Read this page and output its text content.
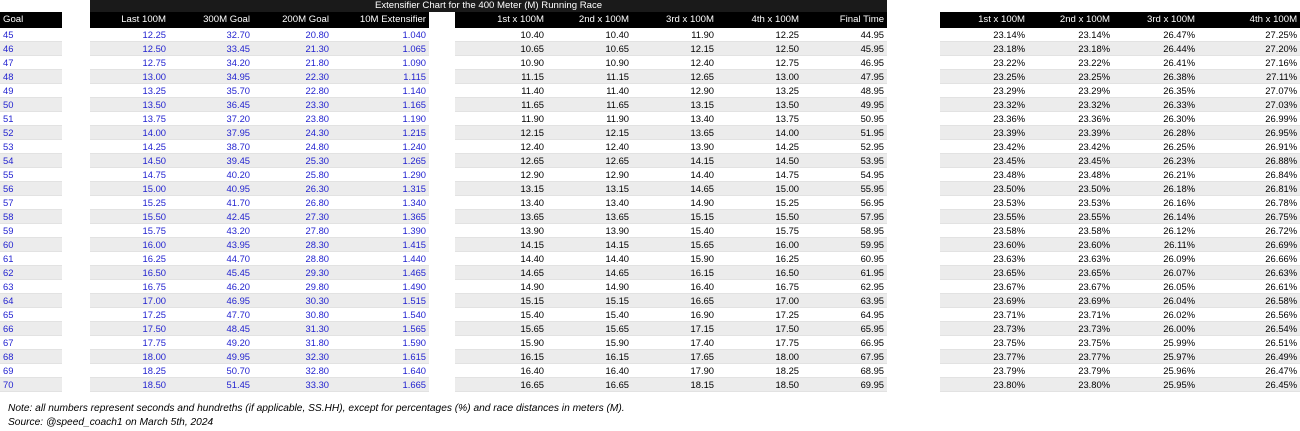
		Extensifier Chart for the 400 Meter (M) Running Race														
Goal		Last 100M	300M Goal	200M Goal	10M Extensifier		1st x 100M	2nd x 100M	3rd x 100M	4th x 100M	Final Time		1st x 100M	2nd x 100M	3rd x 100M	4th x 100M
45		12.25	32.70	20.80	1.040		10.40	10.40	11.90	12.25	44.95		23.14%	23.14%	26.47%	27.25%
46		12.50	33.45	21.30	1.065		10.65	10.65	12.15	12.50	45.95		23.18%	23.18%	26.44%	27.20%
47		12.75	34.20	21.80	1.090		10.90	10.90	12.40	12.75	46.95		23.22%	23.22%	26.41%	27.16%
48		13.00	34.95	22.30	1.115		11.15	11.15	12.65	13.00	47.95		23.25%	23.25%	26.38%	27.11%
49		13.25	35.70	22.80	1.140		11.40	11.40	12.90	13.25	48.95		23.29%	23.29%	26.35%	27.07%
50		13.50	36.45	23.30	1.165		11.65	11.65	13.15	13.50	49.95		23.32%	23.32%	26.33%	27.03%
51		13.75	37.20	23.80	1.190		11.90	11.90	13.40	13.75	50.95		23.36%	23.36%	26.30%	26.99%
52		14.00	37.95	24.30	1.215		12.15	12.15	13.65	14.00	51.95		23.39%	23.39%	26.28%	26.95%
53		14.25	38.70	24.80	1.240		12.40	12.40	13.90	14.25	52.95		23.42%	23.42%	26.25%	26.91%
54		14.50	39.45	25.30	1.265		12.65	12.65	14.15	14.50	53.95		23.45%	23.45%	26.23%	26.88%
55		14.75	40.20	25.80	1.290		12.90	12.90	14.40	14.75	54.95		23.48%	23.48%	26.21%	26.84%
56		15.00	40.95	26.30	1.315		13.15	13.15	14.65	15.00	55.95		23.50%	23.50%	26.18%	26.81%
57		15.25	41.70	26.80	1.340		13.40	13.40	14.90	15.25	56.95		23.53%	23.53%	26.16%	26.78%
58		15.50	42.45	27.30	1.365		13.65	13.65	15.15	15.50	57.95		23.55%	23.55%	26.14%	26.75%
59		15.75	43.20	27.80	1.390		13.90	13.90	15.40	15.75	58.95		23.58%	23.58%	26.12%	26.72%
60		16.00	43.95	28.30	1.415		14.15	14.15	15.65	16.00	59.95		23.60%	23.60%	26.11%	26.69%
61		16.25	44.70	28.80	1.440		14.40	14.40	15.90	16.25	60.95		23.63%	23.63%	26.09%	26.66%
62		16.50	45.45	29.30	1.465		14.65	14.65	16.15	16.50	61.95		23.65%	23.65%	26.07%	26.63%
63		16.75	46.20	29.80	1.490		14.90	14.90	16.40	16.75	62.95		23.67%	23.67%	26.05%	26.61%
64		17.00	46.95	30.30	1.515		15.15	15.15	16.65	17.00	63.95		23.69%	23.69%	26.04%	26.58%
65		17.25	47.70	30.80	1.540		15.40	15.40	16.90	17.25	64.95		23.71%	23.71%	26.02%	26.56%
66		17.50	48.45	31.30	1.565		15.65	15.65	17.15	17.50	65.95		23.73%	23.73%	26.00%	26.54%
67		17.75	49.20	31.80	1.590		15.90	15.90	17.40	17.75	66.95		23.75%	23.75%	25.99%	26.51%
68		18.00	49.95	32.30	1.615		16.15	16.15	17.65	18.00	67.95		23.77%	23.77%	25.97%	26.49%
69		18.25	50.70	32.80	1.640		16.40	16.40	17.90	18.25	68.95		23.79%	23.79%	25.96%	26.47%
70		18.50	51.45	33.30	1.665		16.65	16.65	18.15	18.50	69.95		23.80%	23.80%	25.95%	26.45%
Note: all numbers represent seconds and hundreths (if applicable, SS.HH), except for percentages (%) and race distances in meters (M).
Source: @speed_coach1 on March 5th, 2024
